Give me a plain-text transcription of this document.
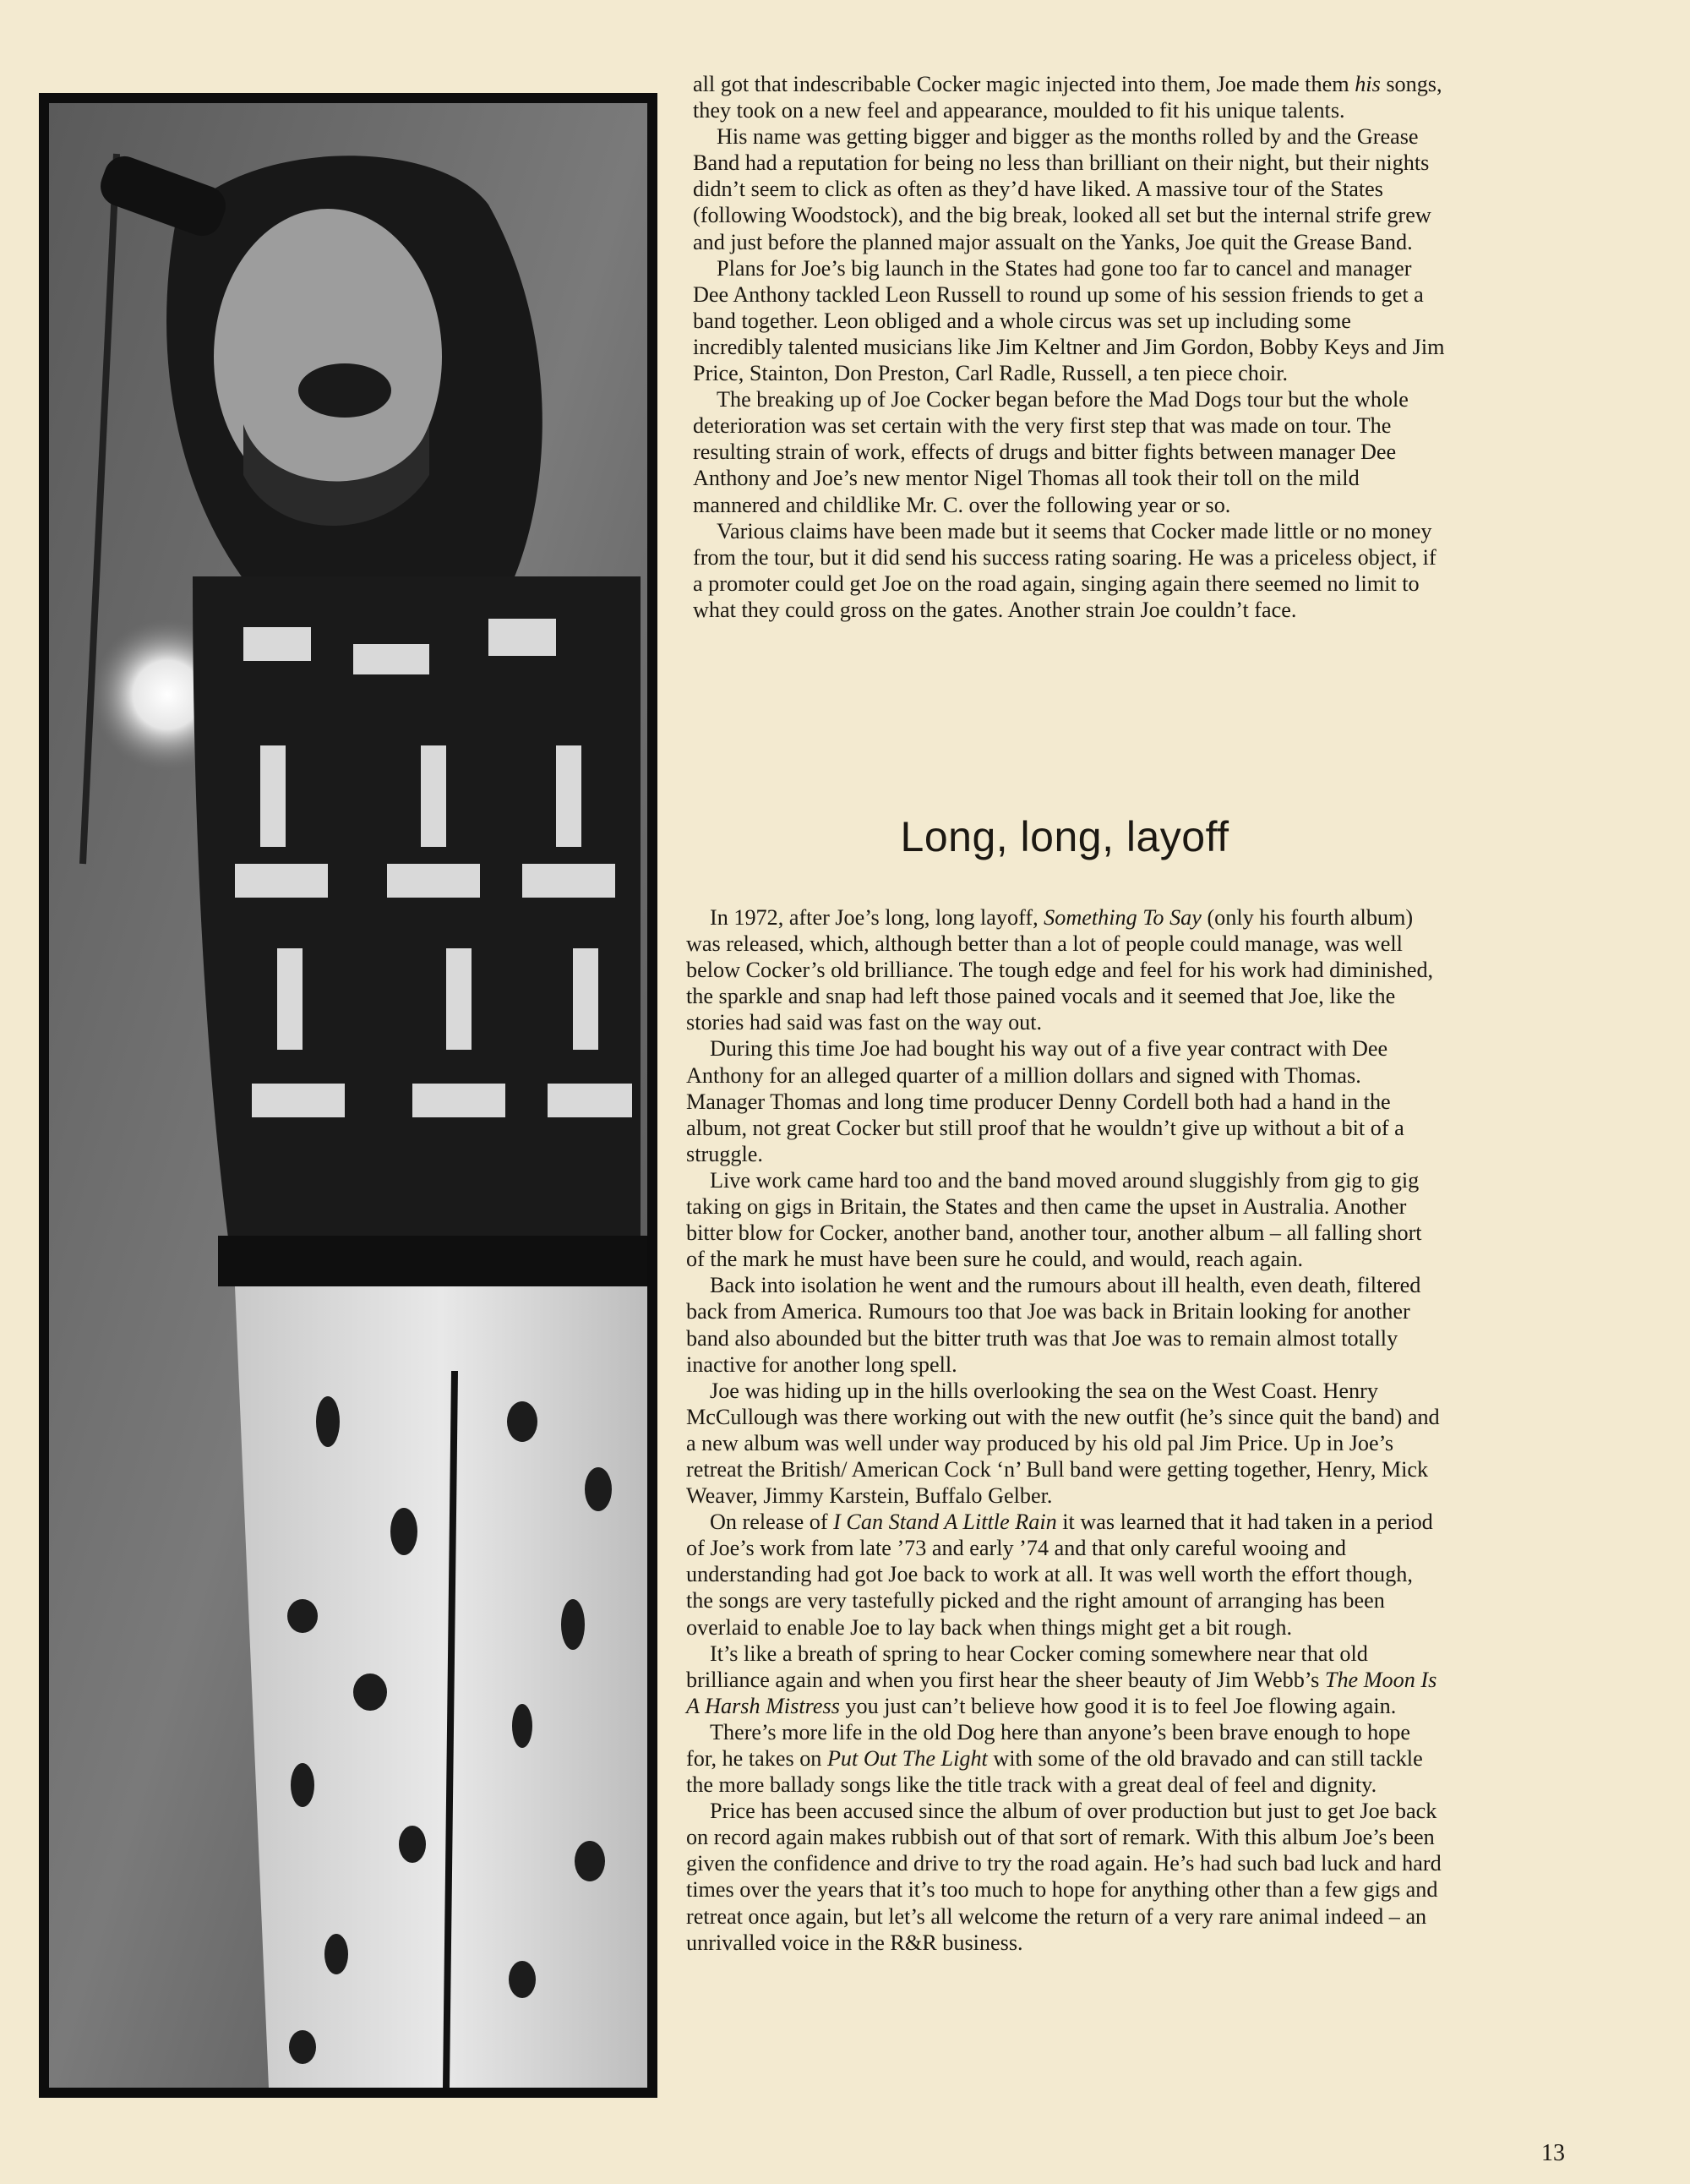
all got that indescribable Cocker magic injected into them, Joe made them his songs, they took on a new feel and appearance, moulded to fit his unique talents.

His name was getting bigger and bigger as the months rolled by and the Grease Band had a reputation for being no less than brilliant on their night, but their nights didn’t seem to click as often as they’d have liked. A massive tour of the States (following Woodstock), and the big break, looked all set but the internal strife grew and just before the planned major assualt on the Yanks, Joe quit the Grease Band.

Plans for Joe’s big launch in the States had gone too far to cancel and manager Dee Anthony tackled Leon Russell to round up some of his session friends to get a band together. Leon obliged and a whole circus was set up including some incredibly talented musicians like Jim Keltner and Jim Gordon, Bobby Keys and Jim Price, Stainton, Don Preston, Carl Radle, Russell, a ten piece choir.

The breaking up of Joe Cocker began before the Mad Dogs tour but the whole deterioration was set certain with the very first step that was made on tour. The resulting strain of work, effects of drugs and bitter fights between manager Dee Anthony and Joe’s new mentor Nigel Thomas all took their toll on the mild mannered and childlike Mr. C. over the following year or so.

Various claims have been made but it seems that Cocker made little or no money from the tour, but it did send his success rating soaring. He was a priceless object, if a promoter could get Joe on the road again, singing again there seemed no limit to what they could gross on the gates. Another strain Joe couldn’t face.

Long, long, layoff

In 1972, after Joe’s long, long layoff, Something To Say (only his fourth album) was released, which, although better than a lot of people could manage, was well below Cocker’s old brilliance. The tough edge and feel for his work had diminished, the sparkle and snap had left those pained vocals and it seemed that Joe, like the stories had said was fast on the way out.

During this time Joe had bought his way out of a five year contract with Dee Anthony for an alleged quarter of a million dollars and signed with Thomas. Manager Thomas and long time producer Denny Cordell both had a hand in the album, not great Cocker but still proof that he wouldn’t give up without a bit of a struggle.

Live work came hard too and the band moved around sluggishly from gig to gig taking on gigs in Britain, the States and then came the upset in Australia. Another bitter blow for Cocker, another band, another tour, another album – all falling short of the mark he must have been sure he could, and would, reach again.

Back into isolation he went and the rumours about ill health, even death, filtered back from America. Rumours too that Joe was back in Britain looking for another band also abounded but the bitter truth was that Joe was to remain almost totally inactive for another long spell.

Joe was hiding up in the hills overlooking the sea on the West Coast. Henry McCullough was there working out with the new outfit (he’s since quit the band) and a new album was well under way produced by his old pal Jim Price. Up in Joe’s retreat the British/ American Cock ‘n’ Bull band were getting together, Henry, Mick Weaver, Jimmy Karstein, Buffalo Gelber.

On release of I Can Stand A Little Rain it was learned that it had taken in a period of Joe’s work from late ’73 and early ’74 and that only careful wooing and understanding had got Joe back to work at all. It was well worth the effort though, the songs are very tastefully picked and the right amount of arranging has been overlaid to enable Joe to lay back when things might get a bit rough.

It’s like a breath of spring to hear Cocker coming somewhere near that old brilliance again and when you first hear the sheer beauty of Jim Webb’s The Moon Is A Harsh Mistress you just can’t believe how good it is to feel Joe flowing again.

There’s more life in the old Dog here than anyone’s been brave enough to hope for, he takes on Put Out The Light with some of the old bravado and can still tackle the more ballady songs like the title track with a great deal of feel and dignity.

Price has been accused since the album of over production but just to get Joe back on record again makes rubbish out of that sort of remark. With this album Joe’s been given the confidence and drive to try the road again. He’s had such bad luck and hard times over the years that it’s too much to hope for anything other than a few gigs and retreat once again, but let’s all welcome the return of a very rare animal indeed – an unrivalled voice in the R&R business.

13
